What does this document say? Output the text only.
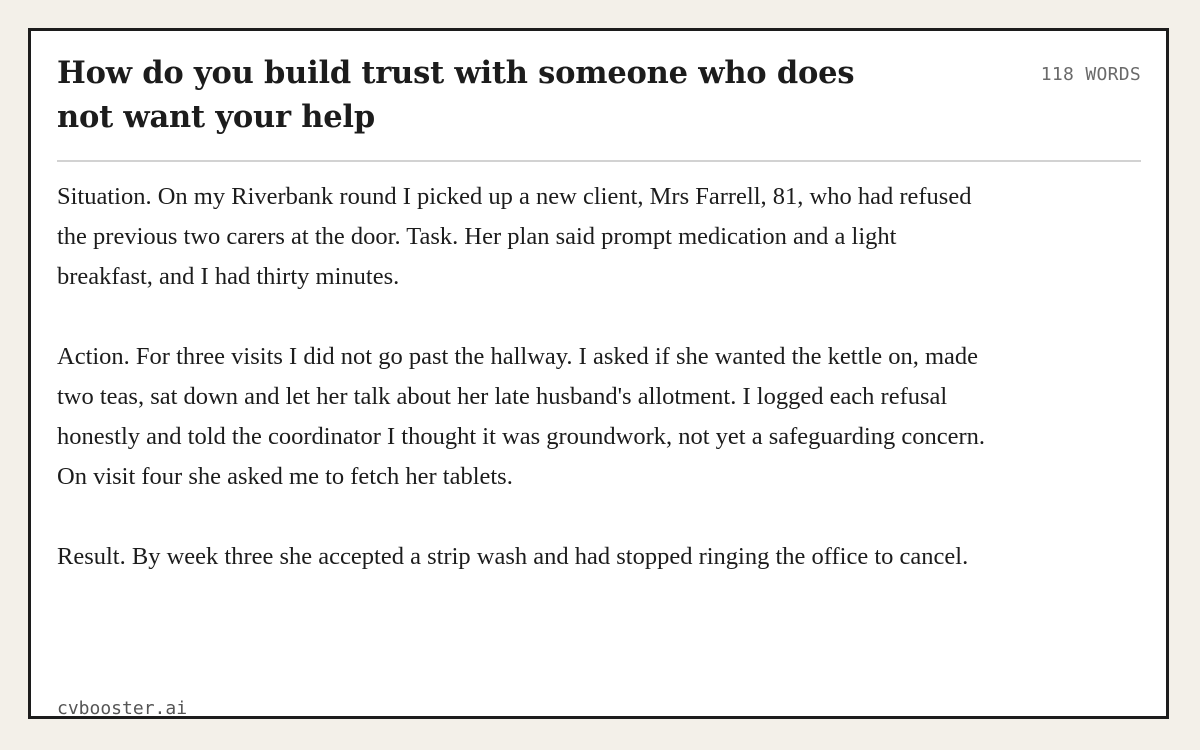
How do you build trust with someone who does not want your help
118 WORDS

Situation. On my Riverbank round I picked up a new client, Mrs Farrell, 81, who had refused the previous two carers at the door. Task. Her plan said prompt medication and a light breakfast, and I had thirty minutes.

Action. For three visits I did not go past the hallway. I asked if she wanted the kettle on, made two teas, sat down and let her talk about her late husband's allotment. I logged each refusal honestly and told the coordinator I thought it was groundwork, not yet a safeguarding concern. On visit four she asked me to fetch her tablets.

Result. By week three she accepted a strip wash and had stopped ringing the office to cancel.

cvbooster.ai
